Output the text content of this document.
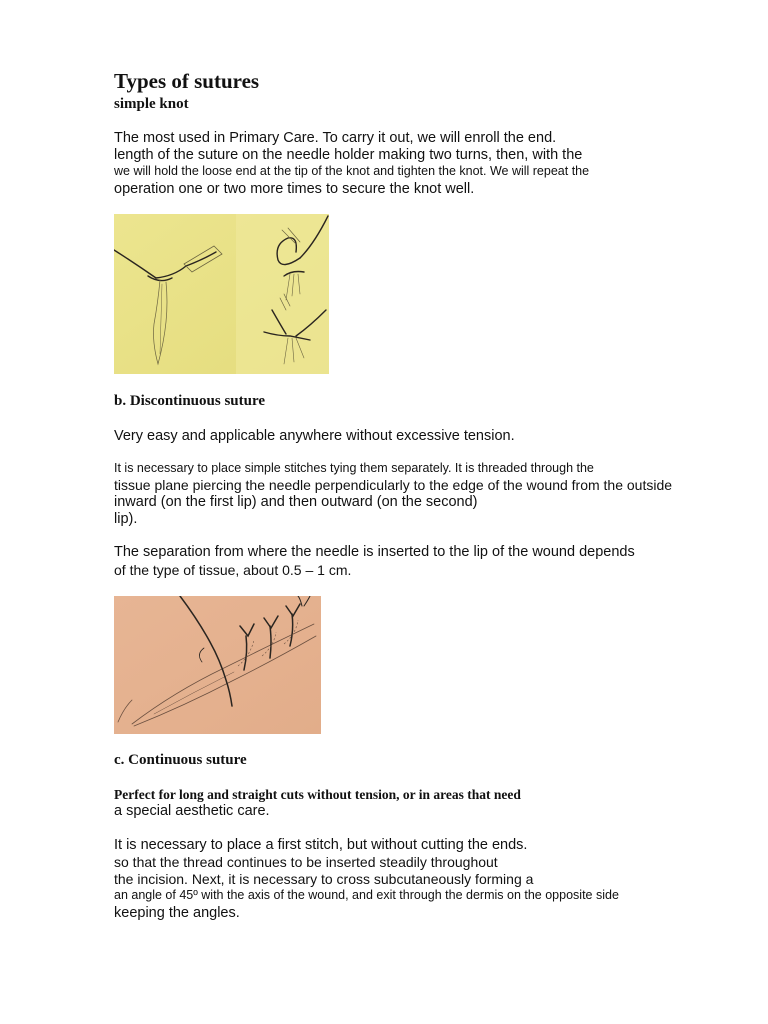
Types of sutures
simple knot
The most used in Primary Care. To carry it out, we will enroll the end.
length of the suture on the needle holder making two turns, then, with the
we will hold the loose end at the tip of the knot and tighten the knot. We will repeat the
operation one or two more times to secure the knot well.
b. Discontinuous suture
Very easy and applicable anywhere without excessive tension.
It is necessary to place simple stitches tying them separately. It is threaded through the
tissue plane piercing the needle perpendicularly to the edge of the wound from the outside
inward (on the first lip) and then outward (on the second)
lip).
The separation from where the needle is inserted to the lip of the wound depends
of the type of tissue, about 0.5 – 1 cm.
c. Continuous suture
Perfect for long and straight cuts without tension, or in areas that need
a special aesthetic care.
It is necessary to place a first stitch, but without cutting the ends.
so that the thread continues to be inserted steadily throughout
the incision. Next, it is necessary to cross subcutaneously forming a
an angle of 45º with the axis of the wound, and exit through the dermis on the opposite side
keeping the angles.
